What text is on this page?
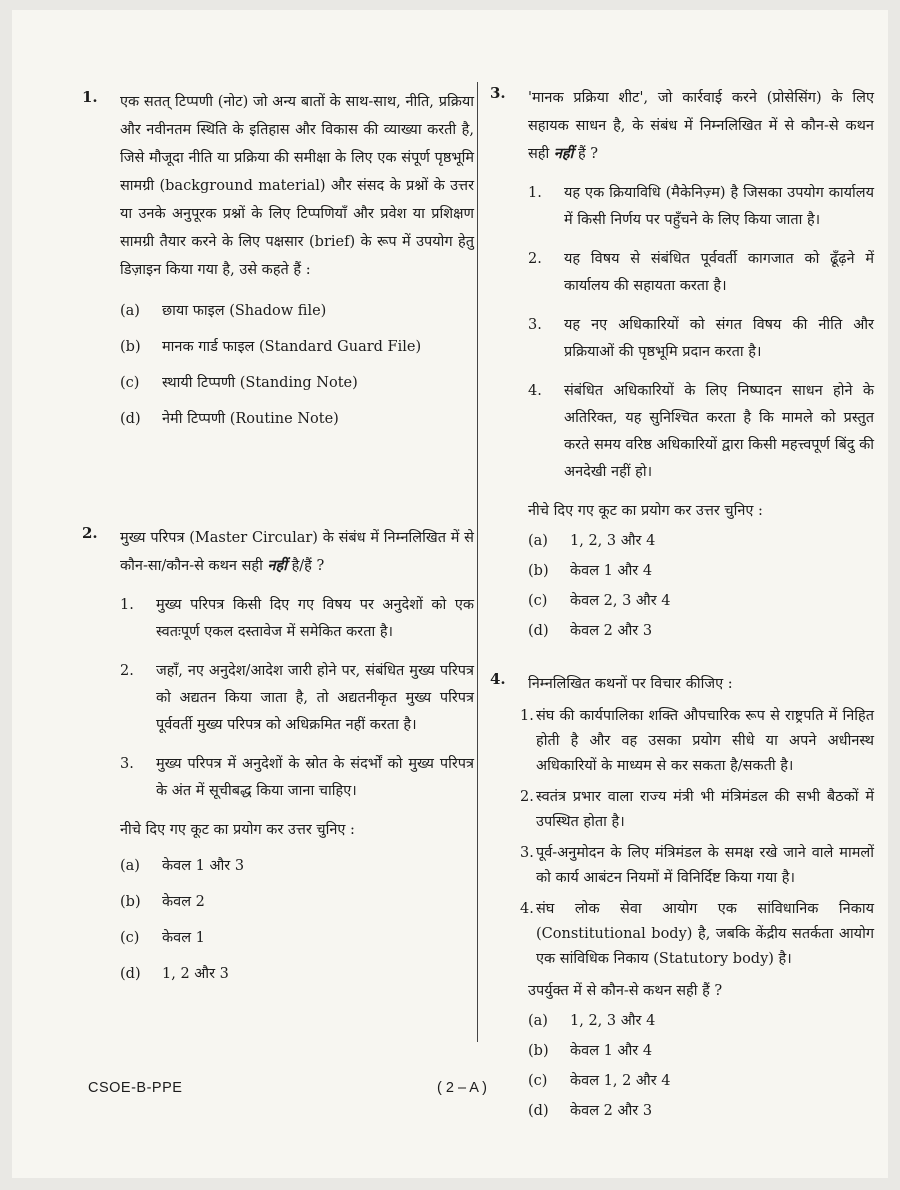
1. एक सतत् टिप्पणी (नोट) जो अन्य बातों के साथ-साथ, नीति, प्रक्रिया और नवीनतम स्थिति के इतिहास और विकास की व्याख्या करती है, जिसे मौजूदा नीति या प्रक्रिया की समीक्षा के लिए एक संपूर्ण पृष्ठभूमि सामग्री (background material) और संसद के प्रश्नों के उत्तर या उनके अनुपूरक प्रश्नों के लिए टिप्पणियाँ और प्रवेश या प्रशिक्षण सामग्री तैयार करने के लिए पक्षसार (brief) के रूप में उपयोग हेतु डिज़ाइन किया गया है, उसे कहते हैं :
(a)	छाया फाइल (Shadow file)
(b)	मानक गार्ड फाइल (Standard Guard File)
(c)	स्थायी टिप्पणी (Standing Note)
(d)	नेमी टिप्पणी (Routine Note)
2. मुख्य परिपत्र (Master Circular) के संबंध में निम्नलिखित में से कौन-सा/कौन-से कथन सही नहीं है/हैं ?
1.	मुख्य परिपत्र किसी दिए गए विषय पर अनुदेशों को एक स्वतःपूर्ण एकल दस्तावेज में समेकित करता है।
2.	जहाँ, नए अनुदेश/आदेश जारी होने पर, संबंधित मुख्य परिपत्र को अद्यतन किया जाता है, तो अद्यतनीकृत मुख्य परिपत्र पूर्ववर्ती मुख्य परिपत्र को अधिक्रमित नहीं करता है।
3.	मुख्य परिपत्र में अनुदेशों के स्रोत के संदर्भों को मुख्य परिपत्र के अंत में सूचीबद्ध किया जाना चाहिए।
नीचे दिए गए कूट का प्रयोग कर उत्तर चुनिए :
(a)	केवल 1 और 3
(b)	केवल 2
(c)	केवल 1
(d)	1, 2 और 3
3. 'मानक प्रक्रिया शीट', जो कार्रवाई करने (प्रोसेसिंग) के लिए सहायक साधन है, के संबंध में निम्नलिखित में से कौन-से कथन सही नहीं हैं ?
1.	यह एक क्रियाविधि (मैकेनिज़्म) है जिसका उपयोग कार्यालय में किसी निर्णय पर पहुँचने के लिए किया जाता है।
2.	यह विषय से संबंधित पूर्ववर्ती कागजात को ढूँढ़ने में कार्यालय की सहायता करता है।
3.	यह नए अधिकारियों को संगत विषय की नीति और प्रक्रियाओं की पृष्ठभूमि प्रदान करता है।
4.	संबंधित अधिकारियों के लिए निष्पादन साधन होने के अतिरिक्त, यह सुनिश्चित करता है कि मामले को प्रस्तुत करते समय वरिष्ठ अधिकारियों द्वारा किसी महत्त्वपूर्ण बिंदु की अनदेखी नहीं हो।
नीचे दिए गए कूट का प्रयोग कर उत्तर चुनिए :
(a)	1, 2, 3 और 4
(b)	केवल 1 और 4
(c)	केवल 2, 3 और 4
(d)	केवल 2 और 3
4. निम्नलिखित कथनों पर विचार कीजिए :
1. संघ की कार्यपालिका शक्ति औपचारिक रूप से राष्ट्रपति में निहित होती है और वह उसका प्रयोग सीधे या अपने अधीनस्थ अधिकारियों के माध्यम से कर सकता है/सकती है।
2. स्वतंत्र प्रभार वाला राज्य मंत्री भी मंत्रिमंडल की सभी बैठकों में उपस्थित होता है।
3. पूर्व-अनुमोदन के लिए मंत्रिमंडल के समक्ष रखे जाने वाले मामलों को कार्य आबंटन नियमों में विनिर्दिष्ट किया गया है।
4. संघ लोक सेवा आयोग एक सांविधानिक निकाय (Constitutional body) है, जबकि केंद्रीय सतर्कता आयोग एक सांविधिक निकाय (Statutory body) है।
उपर्युक्त में से कौन-से कथन सही हैं ?
(a)	1, 2, 3 और 4
(b)	केवल 1 और 4
(c)	केवल 1, 2 और 4
(d)	केवल 2 और 3
CSOE-B-PPE	( 2 – A )
